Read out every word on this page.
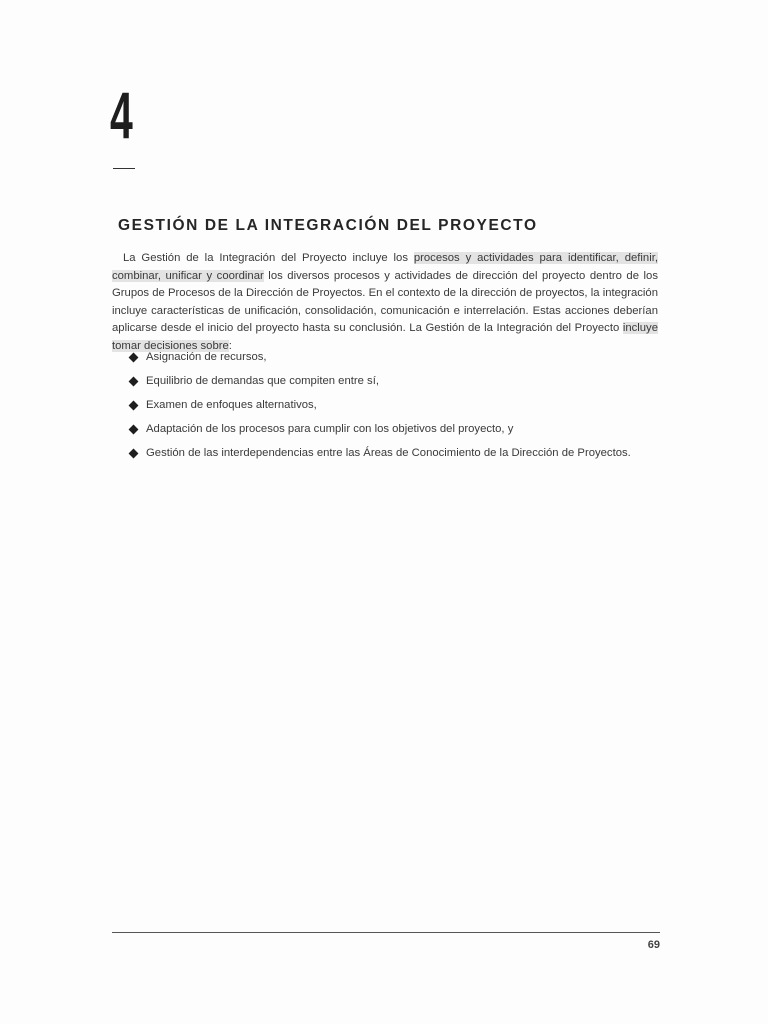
4
GESTIÓN DE LA INTEGRACIÓN DEL PROYECTO

La Gestión de la Integración del Proyecto incluye los procesos y actividades para identificar, definir, combinar, unificar y coordinar los diversos procesos y actividades de dirección del proyecto dentro de los Grupos de Procesos de la Dirección de Proyectos. En el contexto de la dirección de proyectos, la integración incluye características de unificación, consolidación, comunicación e interrelación. Estas acciones deberían aplicarse desde el inicio del proyecto hasta su conclusión. La Gestión de la Integración del Proyecto incluye tomar decisiones sobre:

Asignación de recursos,
Equilibrio de demandas que compiten entre sí,
Examen de enfoques alternativos,
Adaptación de los procesos para cumplir con los objetivos del proyecto, y
Gestión de las interdependencias entre las Áreas de Conocimiento de la Dirección de Proyectos.
69
